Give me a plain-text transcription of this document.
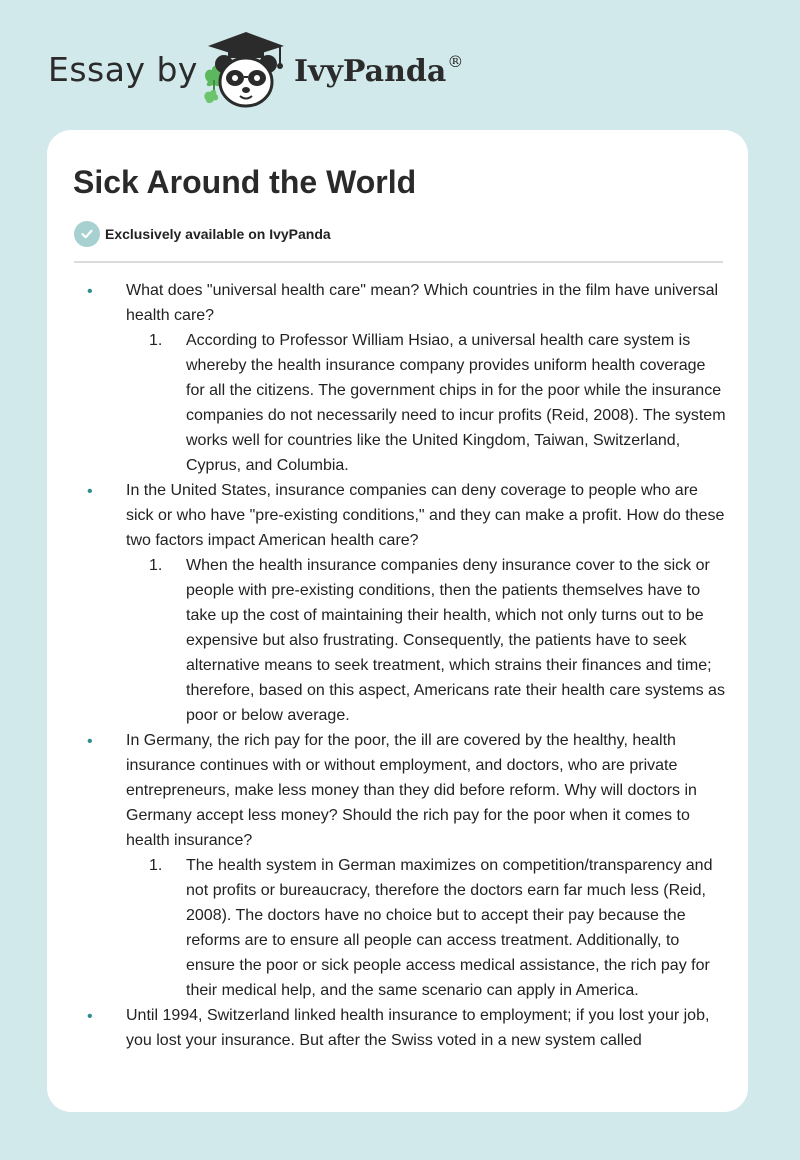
Essay by	IvyPanda®
Sick Around the World
Exclusively available on IvyPanda
• What does "universal health care" mean? Which countries in the film have universal health care?
1. According to Professor William Hsiao, a universal health care system is whereby the health insurance company provides uniform health coverage for all the citizens. The government chips in for the poor while the insurance companies do not necessarily need to incur profits (Reid, 2008). The system works well for countries like the United Kingdom, Taiwan, Switzerland, Cyprus, and Columbia.
• In the United States, insurance companies can deny coverage to people who are sick or who have "pre-existing conditions," and they can make a profit. How do these two factors impact American health care?
1. When the health insurance companies deny insurance cover to the sick or people with pre-existing conditions, then the patients themselves have to take up the cost of maintaining their health, which not only turns out to be expensive but also frustrating. Consequently, the patients have to seek alternative means to seek treatment, which strains their finances and time; therefore, based on this aspect, Americans rate their health care systems as poor or below average.
• In Germany, the rich pay for the poor, the ill are covered by the healthy, health insurance continues with or without employment, and doctors, who are private entrepreneurs, make less money than they did before reform. Why will doctors in Germany accept less money? Should the rich pay for the poor when it comes to health insurance?
1. The health system in German maximizes on competition/transparency and not profits or bureaucracy, therefore the doctors earn far much less (Reid, 2008). The doctors have no choice but to accept their pay because the reforms are to ensure all people can access treatment. Additionally, to ensure the poor or sick people access medical assistance, the rich pay for their medical help, and the same scenario can apply in America.
• Until 1994, Switzerland linked health insurance to employment; if you lost your job, you lost your insurance. But after the Swiss voted in a new system called
